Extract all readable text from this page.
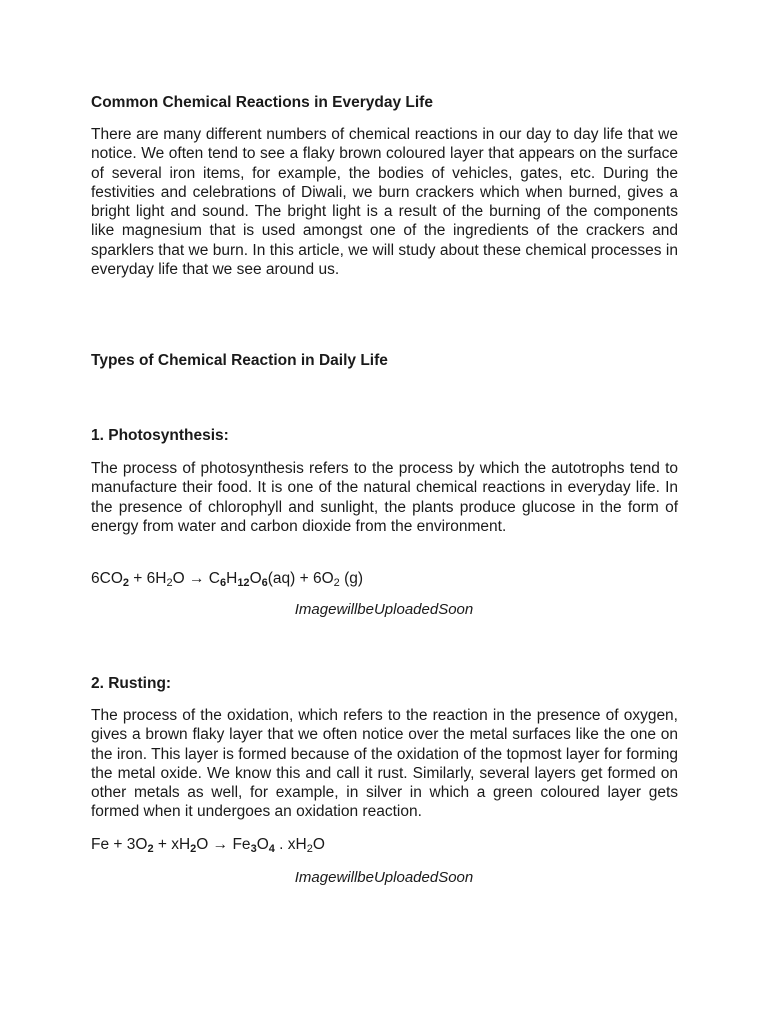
Common Chemical Reactions in Everyday Life

There are many different numbers of chemical reactions in our day to day life that we notice. We often tend to see a flaky brown coloured layer that appears on the surface of several iron items, for example, the bodies of vehicles, gates, etc. During the festivities and celebrations of Diwali, we burn crackers which when burned, gives a bright light and sound. The bright light is a result of the burning of the components like magnesium that is used amongst one of the ingredients of the crackers and sparklers that we burn. In this article, we will study about these chemical processes in everyday life that we see around us.

Types of Chemical Reaction in Daily Life
1. Photosynthesis:

The process of photosynthesis refers to the process by which the autotrophs tend to manufacture their food. It is one of the natural chemical reactions in everyday life. In the presence of chlorophyll and sunlight, the plants produce glucose in the form of energy from water and carbon dioxide from the environment.

$6CO_2 + 6H_2O \to C_6H_{12}O_6(aq) + 6O_2$ (g)

ImagewillbeUploadedSoon

2. Rusting:

The process of the oxidation, which refers to the reaction in the presence of oxygen, gives a brown flaky layer that we often notice over the metal surfaces like the one on the iron. This layer is formed because of the oxidation of the topmost layer for forming the metal oxide. We know this and call it rust. Similarly, several layers get formed on other metals as well, for example, in silver in which a green coloured layer gets formed when it undergoes an oxidation reaction.

$Fe + 3O_2 + xH_2O \to Fe_3O_4$ . $xH_2O$

ImagewillbeUploadedSoon
